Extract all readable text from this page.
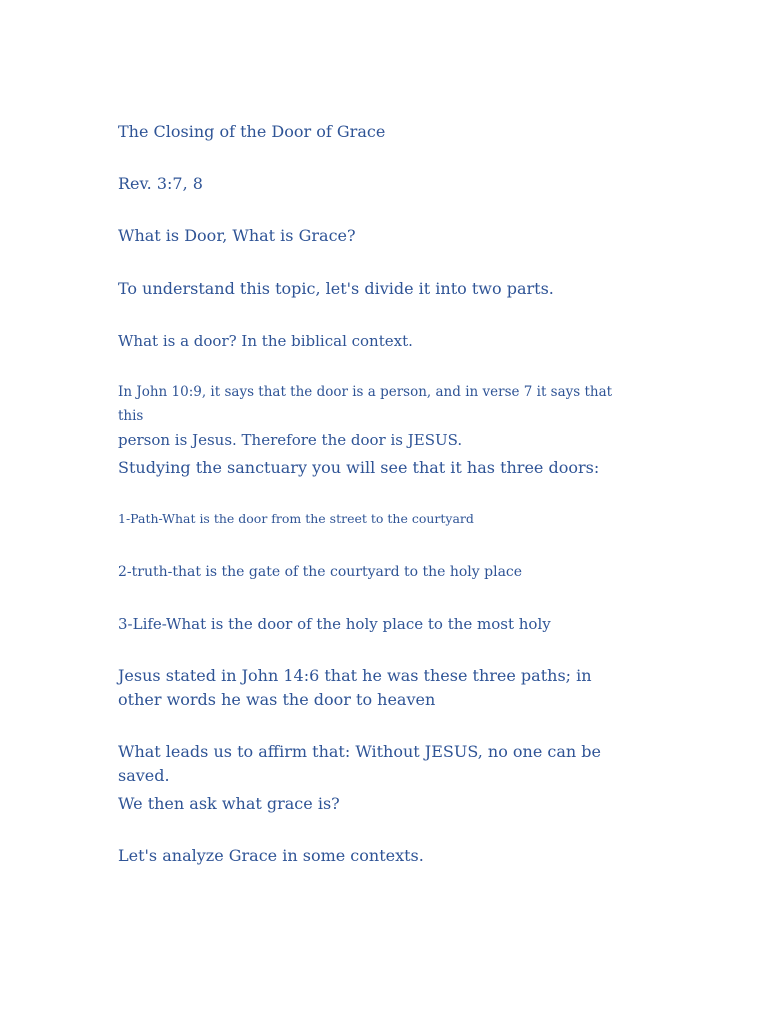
The Closing of the Door of Grace

Rev. 3:7, 8

What is Door, What is Grace?

To understand this topic, let's divide it into two parts.

What is a door? In the biblical context.

In John 10:9, it says that the door is a person, and in verse 7 it says that this
person is Jesus. Therefore the door is JESUS.

Studying the sanctuary you will see that it has three doors:

1-Path-What is the door from the street to the courtyard

2-truth-that is the gate of the courtyard to the holy place

3-Life-What is the door of the holy place to the most holy

Jesus stated in John 14:6 that he was these three paths; in other words he was the door to heaven

What leads us to affirm that: Without JESUS, no one can be saved.

We then ask what grace is?

Let's analyze Grace in some contexts.
